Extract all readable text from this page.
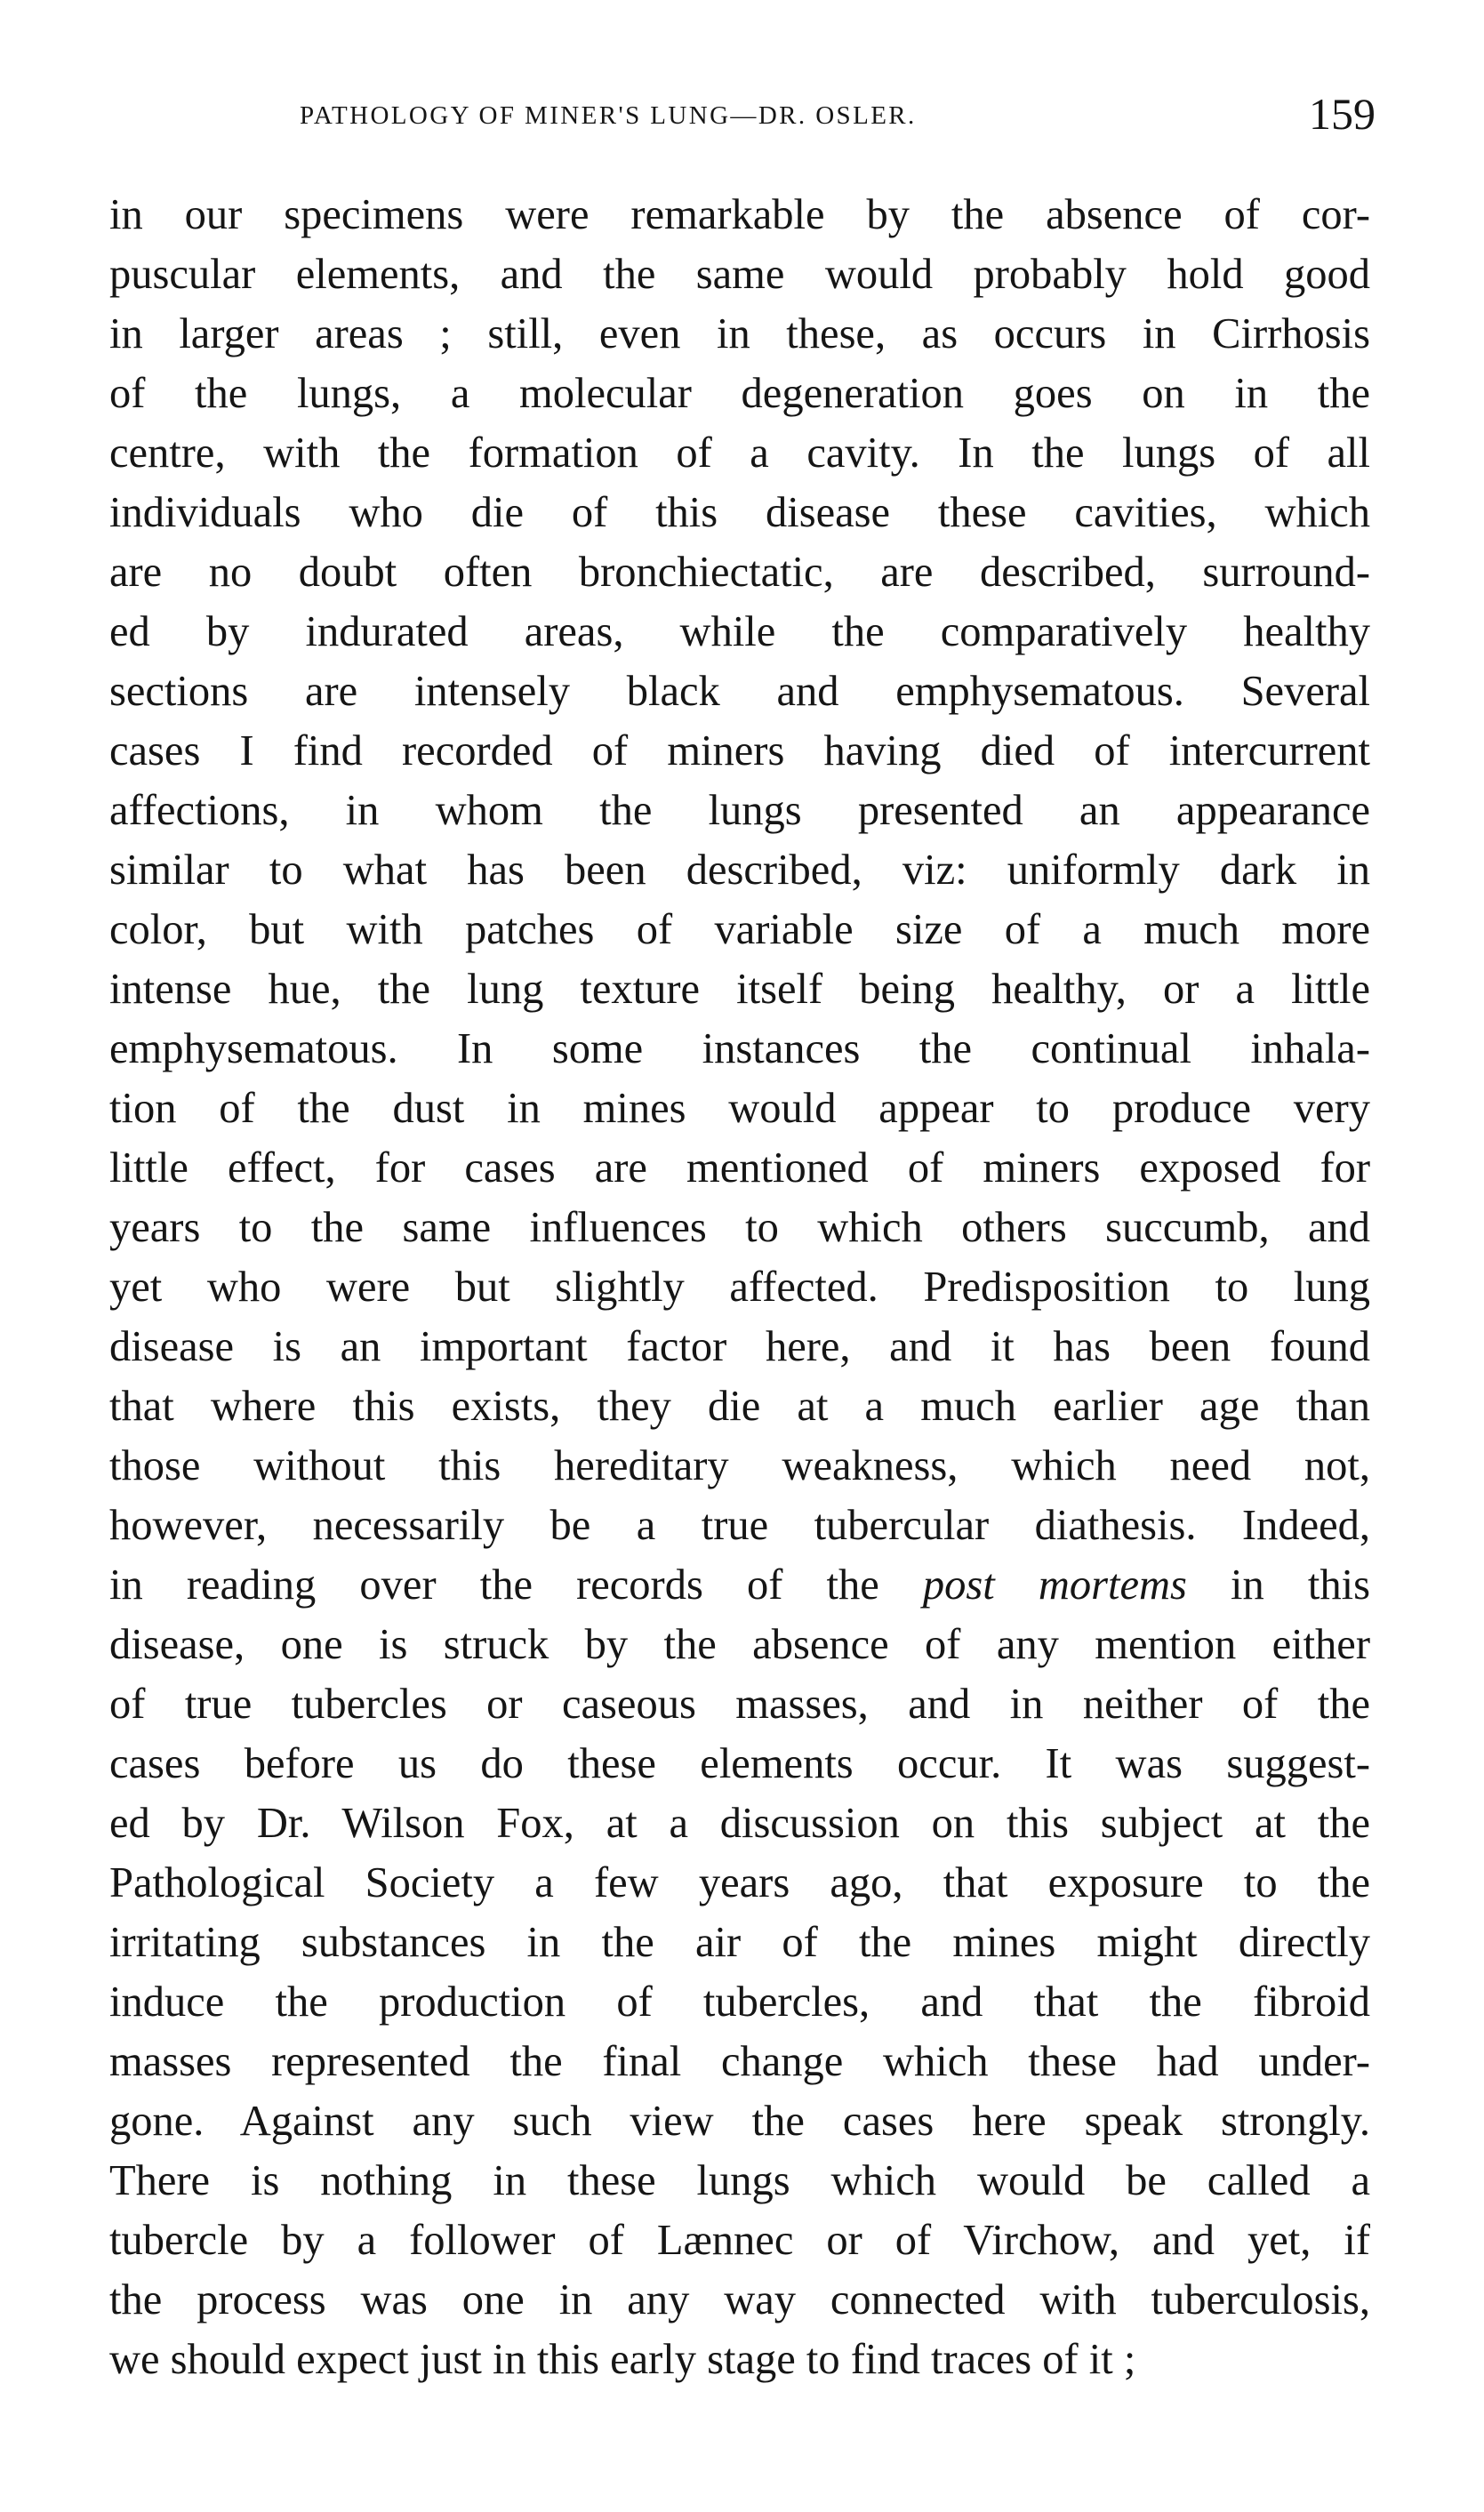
PATHOLOGY OF MINER'S LUNG—DR. OSLER.	159
in our specimens were remarkable by the absence of cor-
puscular elements, and the same would probably hold good
in larger areas ; still, even in these, as occurs in Cirrhosis
of the lungs, a molecular degeneration goes on in the
centre, with the formation of a cavity. In the lungs of all
individuals who die of this disease these cavities, which
are no doubt often bronchiectatic, are described, surround-
ed by indurated areas, while the comparatively healthy
sections are intensely black and emphysematous. Several
cases I find recorded of miners having died of intercurrent
affections, in whom the lungs presented an appearance
similar to what has been described, viz: uniformly dark in
color, but with patches of variable size of a much more
intense hue, the lung texture itself being healthy, or a little
emphysematous. In some instances the continual inhala-
tion of the dust in mines would appear to produce very
little effect, for cases are mentioned of miners exposed for
years to the same influences to which others succumb, and
yet who were but slightly affected. Predisposition to lung
disease is an important factor here, and it has been found
that where this exists, they die at a much earlier age than
those without this hereditary weakness, which need not,
however, necessarily be a true tubercular diathesis. Indeed,
in reading over the records of the post mortems in this
disease, one is struck by the absence of any mention either
of true tubercles or caseous masses, and in neither of the
cases before us do these elements occur. It was suggest-
ed by Dr. Wilson Fox, at a discussion on this subject at the
Pathological Society a few years ago, that exposure to the
irritating substances in the air of the mines might directly
induce the production of tubercles, and that the fibroid
masses represented the final change which these had under-
gone. Against any such view the cases here speak strongly.
There is nothing in these lungs which would be called a
tubercle by a follower of Lænnec or of Virchow, and yet, if
the process was one in any way connected with tuberculosis,
we should expect just in this early stage to find traces of it ;
